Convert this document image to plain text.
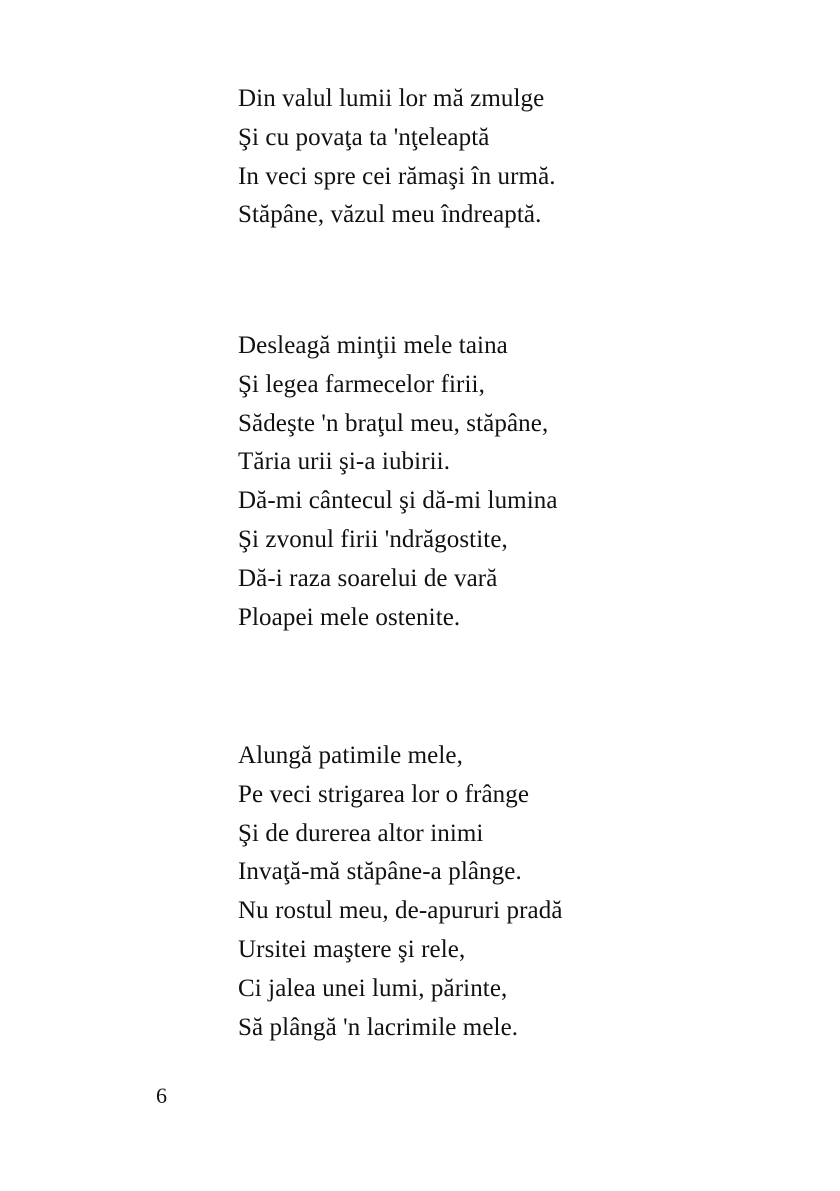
Din valul lumii lor mă zmulge
Şi cu povaţa ta 'nţeleaptă
In veci spre cei rămaşi în urmă.
Stăpâne, văzul meu îndreaptă.
Desleagă minţii mele taina
Şi legea farmecelor firii,
Sădeşte 'n braţul meu, stăpâne,
Tăria urii şi-a iubirii.
Dă-mi cântecul şi dă-mi lumina
Şi zvonul firii 'ndrăgostite,
Dă-i raza soarelui de vară
Ploapei mele ostenite.
Alungă patimile mele,
Pe veci strigarea lor o frânge
Şi de durerea altor inimi
Invaţă-mă stăpâne-a plânge.
Nu rostul meu, de-apururi pradă
Ursitei maştere şi rele,
Ci jalea unei lumi, părinte,
Să plângă 'n lacrimile mele.
6
